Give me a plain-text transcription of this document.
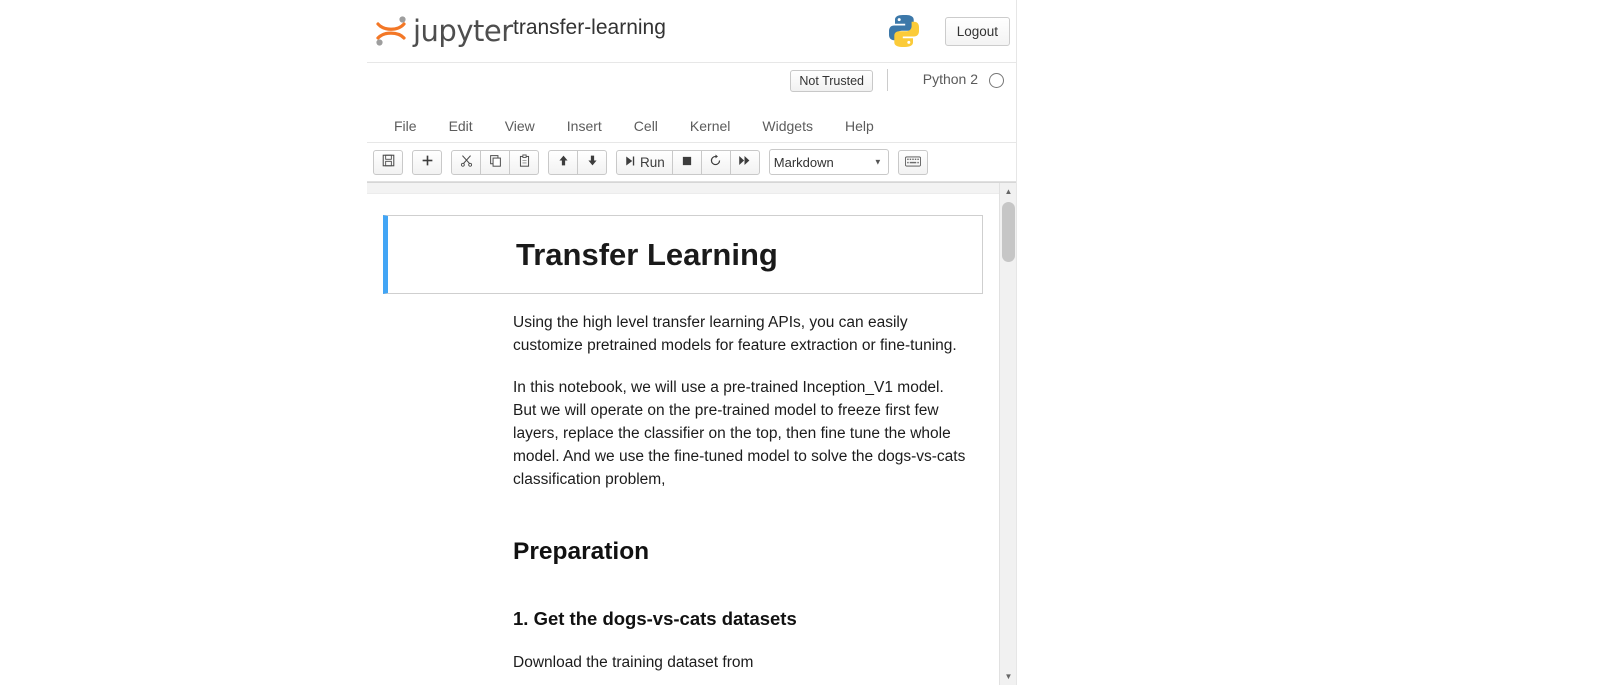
jupyter transfer-learning	Logout
Not Trusted	Python 2
File	Edit	View	Insert	Cell	Kernel	Widgets	Help
Run
Markdown ▼
Transfer Learning

Using the high level transfer learning APIs, you can easily customize pretrained models for feature extraction or fine-tuning.

In this notebook, we will use a pre-trained Inception_V1 model. But we will operate on the pre-trained model to freeze first few layers, replace the classifier on the top, then fine tune the whole model. And we use the fine-tuned model to solve the dogs-vs-cats classification problem,

Preparation
1. Get the dogs-vs-cats datasets

Download the training dataset from

▲
▼
